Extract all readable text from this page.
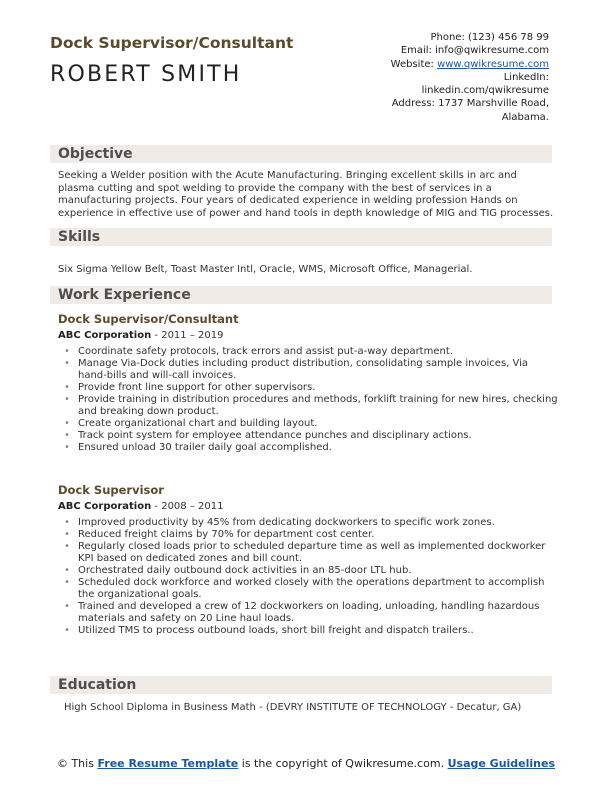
Dock Supervisor/Consultant
ROBERT SMITH
Phone: (123) 456 78 99
Email: info@qwikresume.com
Website: www.qwikresume.com
LinkedIn:
linkedin.com/qwikresume
Address: 1737 Marshville Road,
Alabama.
Objective
Seeking a Welder position with the Acute Manufacturing. Bringing excellent skills in arc and plasma cutting and spot welding to provide the company with the best of services in a manufacturing projects. Four years of dedicated experience in welding profession Hands on experience in effective use of power and hand tools in depth knowledge of MIG and TIG processes.
Skills
Six Sigma Yellow Belt, Toast Master Intl, Oracle, WMS, Microsoft Office, Managerial.
Work Experience
Dock Supervisor/Consultant
ABC Corporation - 2011 – 2019
• Coordinate safety protocols, track errors and assist put-a-way department.
• Manage Via-Dock duties including product distribution, consolidating sample invoices, Via hand-bills and will-call invoices.
• Provide front line support for other supervisors.
• Provide training in distribution procedures and methods, forklift training for new hires, checking and breaking down product.
• Create organizational chart and building layout.
• Track point system for employee attendance punches and disciplinary actions.
• Ensured unload 30 trailer daily goal accomplished.
Dock Supervisor
ABC Corporation - 2008 – 2011
• Improved productivity by 45% from dedicating dockworkers to specific work zones.
• Reduced freight claims by 70% for department cost center.
• Regularly closed loads prior to scheduled departure time as well as implemented dockworker KPI based on dedicated zones and bill count.
• Orchestrated daily outbound dock activities in an 85-door LTL hub.
• Scheduled dock workforce and worked closely with the operations department to accomplish the organizational goals.
• Trained and developed a crew of 12 dockworkers on loading, unloading, handling hazardous materials and safety on 20 Line haul loads.
• Utilized TMS to process outbound loads, short bill freight and dispatch trailers..
Education
High School Diploma in Business Math - (DEVRY INSTITUTE OF TECHNOLOGY - Decatur, GA)
© This Free Resume Template is the copyright of Qwikresume.com. Usage Guidelines
